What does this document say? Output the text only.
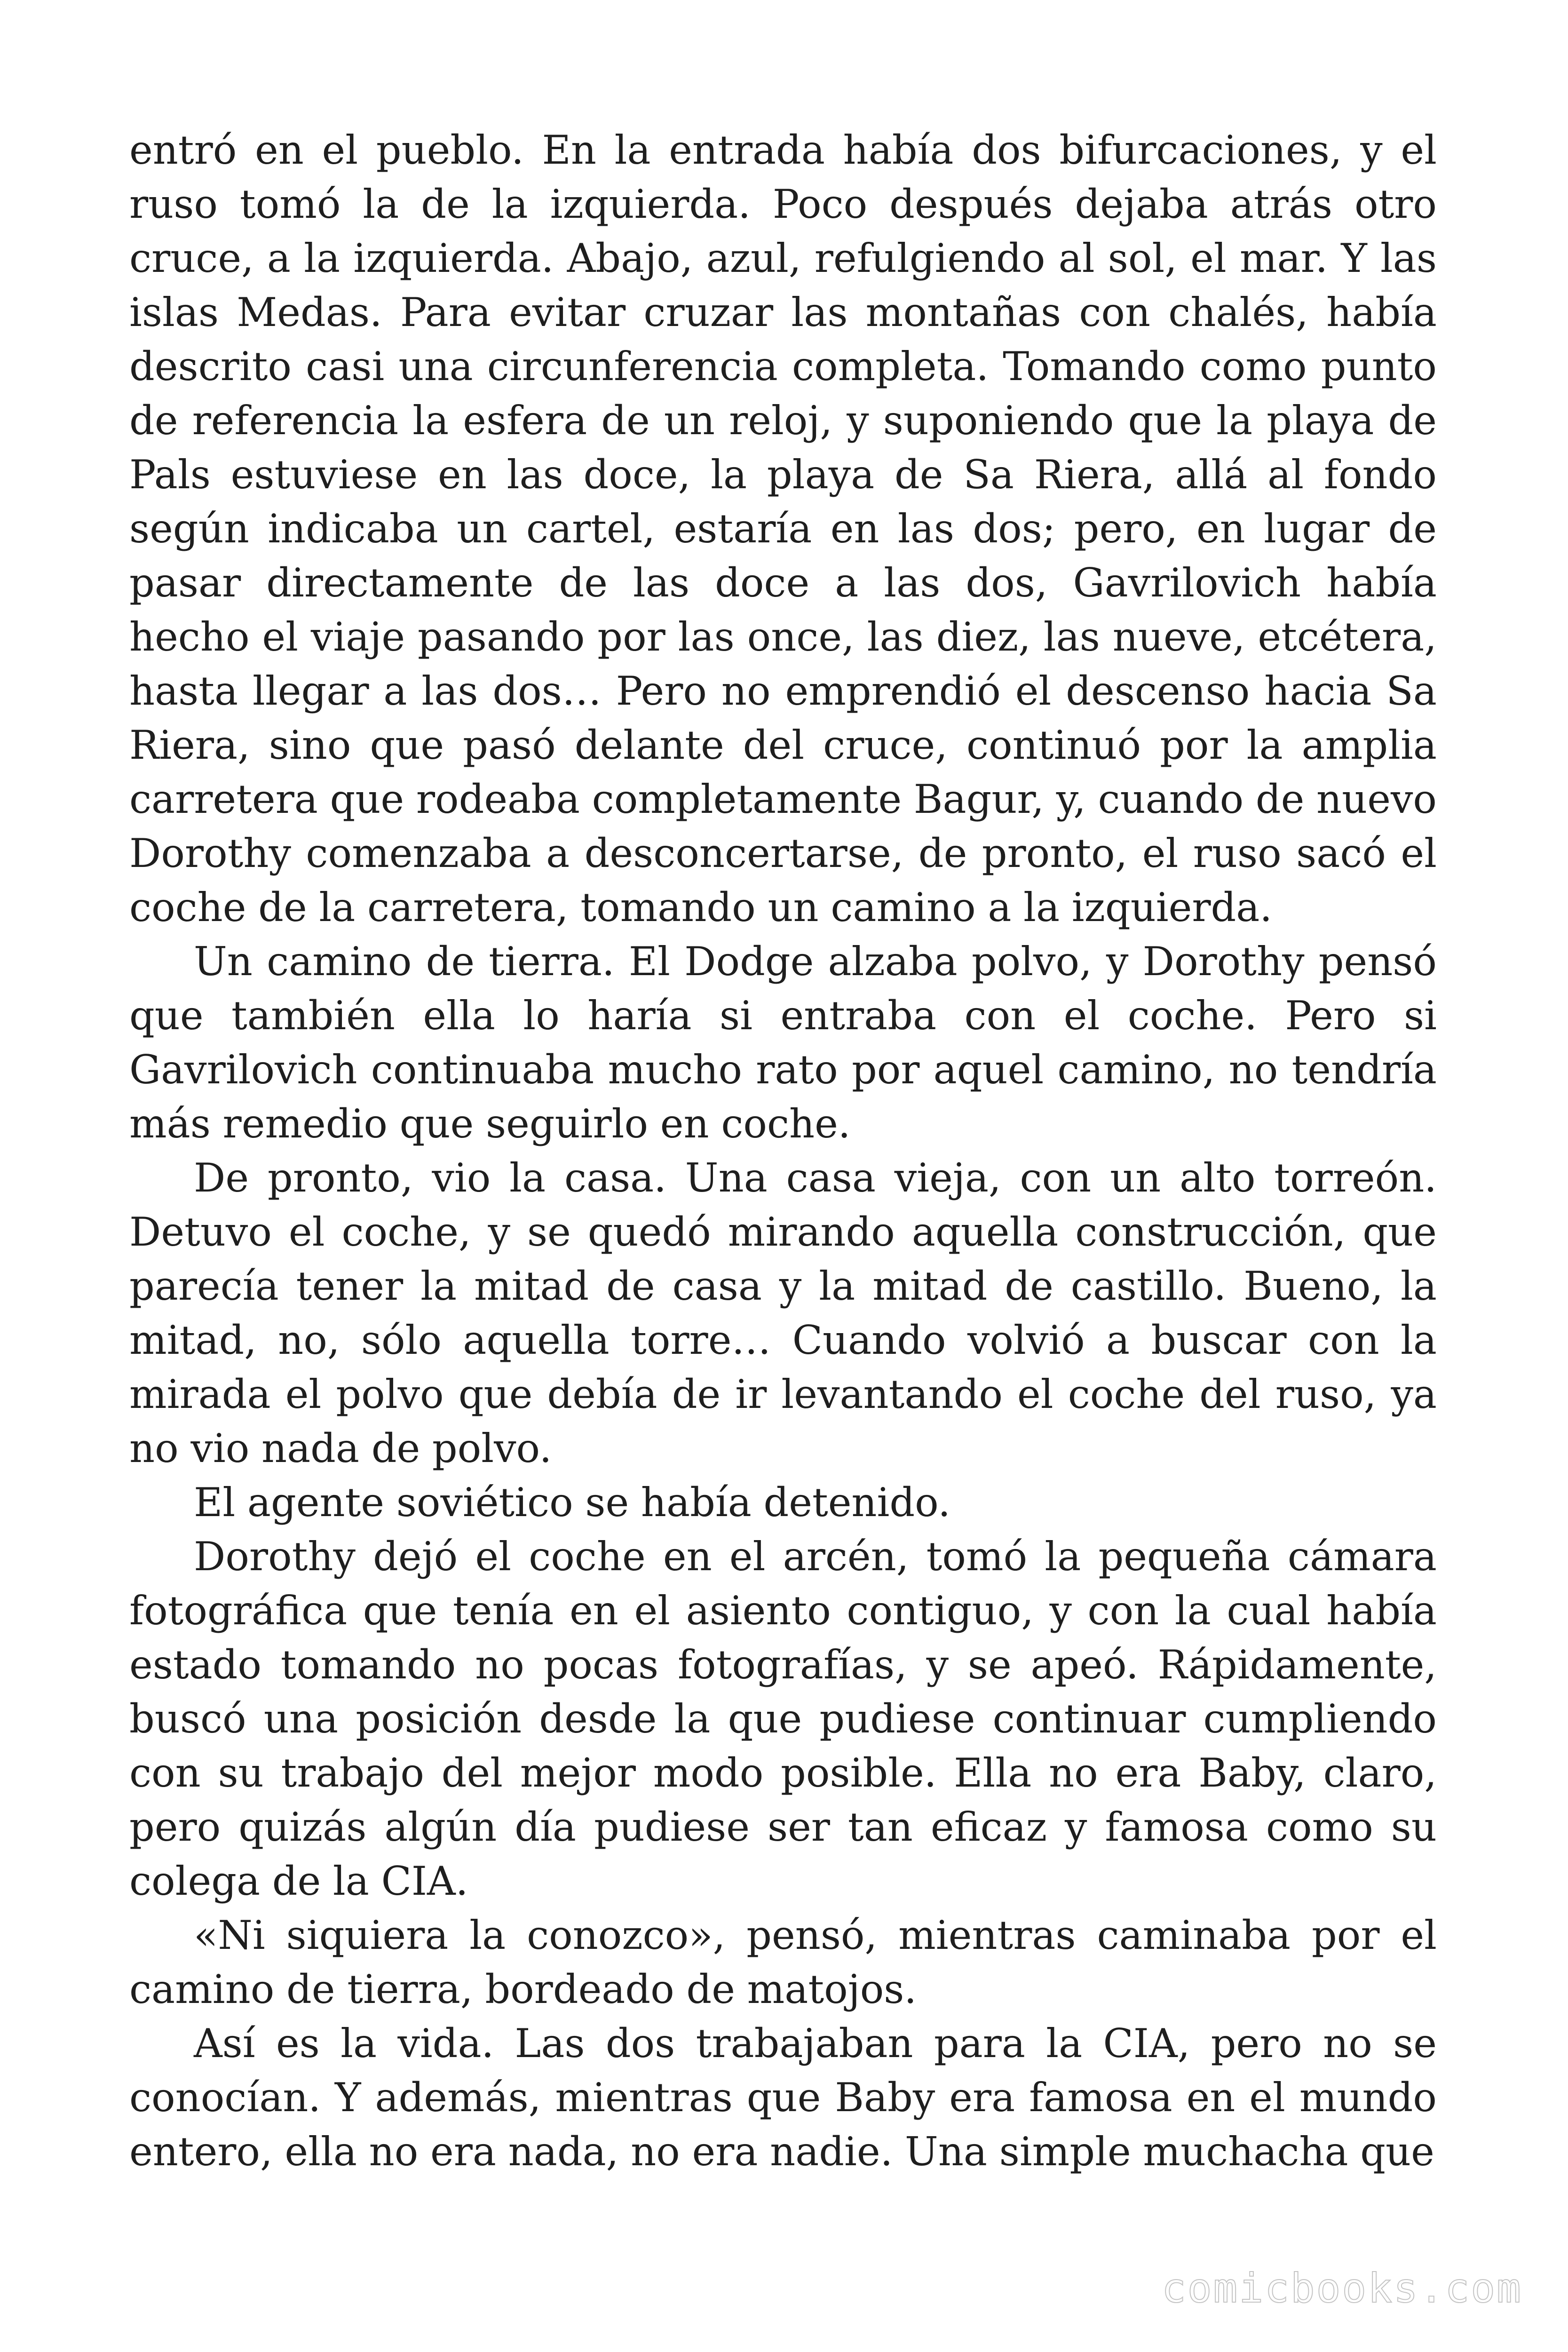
entró en el pueblo. En la entrada había dos bifurcaciones, y el ruso tomó la de la izquierda. Poco después dejaba atrás otro cruce, a la izquierda. Abajo, azul, refulgiendo al sol, el mar. Y las islas Medas. Para evitar cruzar las montañas con chalés, había descrito casi una circunferencia completa. Tomando como punto de referencia la esfera de un reloj, y suponiendo que la playa de Pals estuviese en las doce, la playa de Sa Riera, allá al fondo según indicaba un cartel, estaría en las dos; pero, en lugar de pasar directamente de las doce a las dos, Gavrilovich había hecho el viaje pasando por las once, las diez, las nueve, etcétera, hasta llegar a las dos… Pero no emprendió el descenso hacia Sa Riera, sino que pasó delante del cruce, continuó por la amplia carretera que rodeaba completamente Bagur, y, cuando de nuevo Dorothy comenzaba a desconcertarse, de pronto, el ruso sacó el coche de la carretera, tomando un camino a la izquierda.

Un camino de tierra. El Dodge alzaba polvo, y Dorothy pensó que también ella lo haría si entraba con el coche. Pero si Gavrilovich continuaba mucho rato por aquel camino, no tendría más remedio que seguirlo en coche.

De pronto, vio la casa. Una casa vieja, con un alto torreón. Detuvo el coche, y se quedó mirando aquella construcción, que parecía tener la mitad de casa y la mitad de castillo. Bueno, la mitad, no, sólo aquella torre… Cuando volvió a buscar con la mirada el polvo que debía de ir levantando el coche del ruso, ya no vio nada de polvo.

El agente soviético se había detenido.

Dorothy dejó el coche en el arcén, tomó la pequeña cámara fotográfica que tenía en el asiento contiguo, y con la cual había estado tomando no pocas fotografías, y se apeó. Rápidamente, buscó una posición desde la que pudiese continuar cumpliendo con su trabajo del mejor modo posible. Ella no era Baby, claro, pero quizás algún día pudiese ser tan eficaz y famosa como su colega de la CIA.

«Ni siquiera la conozco», pensó, mientras caminaba por el camino de tierra, bordeado de matojos.

Así es la vida. Las dos trabajaban para la CIA, pero no se conocían. Y además, mientras que Baby era famosa en el mundo entero, ella no era nada, no era nadie. Una simple muchacha que

comicbooks.com
